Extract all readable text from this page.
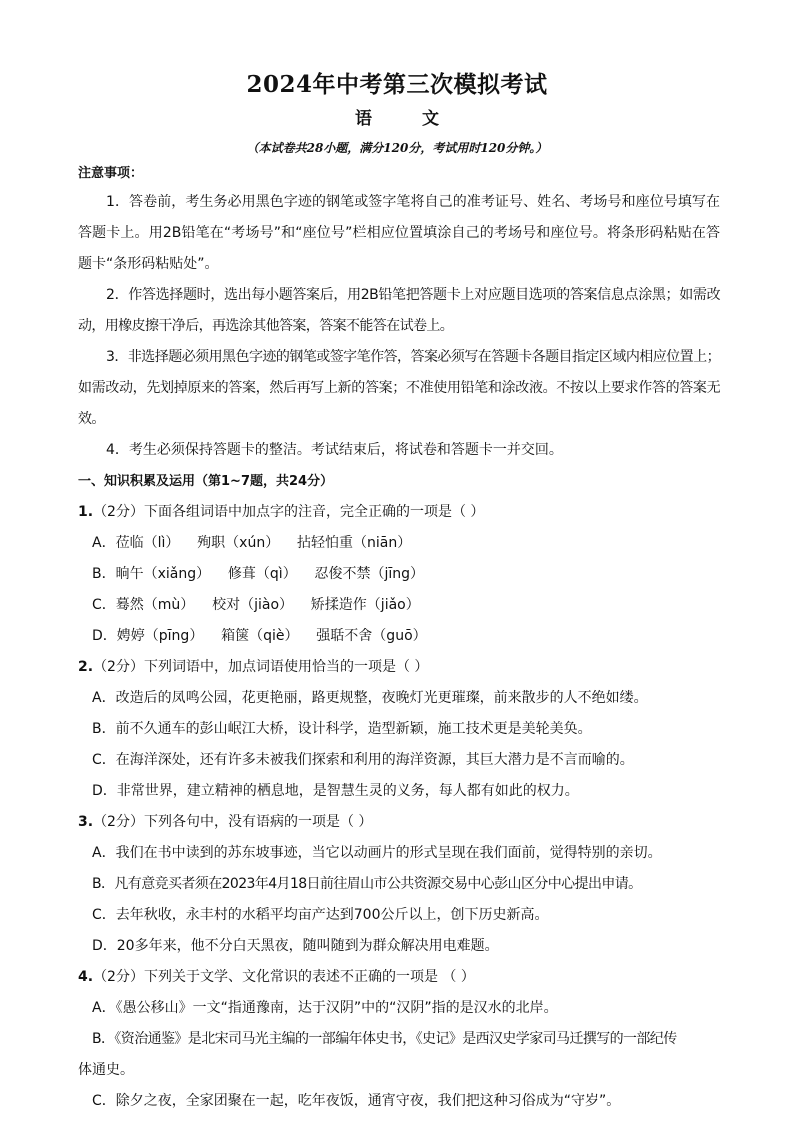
2024年中考第三次模拟考试
语 文
（本试卷共28小题，满分120分，考试用时120分钟。）
注意事项：

1．答卷前，考生务必用黑色字迹的钢笔或签字笔将自己的准考证号、姓名、考场号和座位号填写在答题卡上。用2B铅笔在“考场号”和“座位号”栏相应位置填涂自己的考场号和座位号。将条形码粘贴在答题卡“条形码粘贴处”。

2．作答选择题时，选出每小题答案后，用2B铅笔把答题卡上对应题目选项的答案信息点涂黑；如需改动，用橡皮擦干净后，再选涂其他答案，答案不能答在试卷上。

3．非选择题必须用黑色字迹的钢笔或签字笔作答，答案必须写在答题卡各题目指定区域内相应位置上；如需改动，先划掉原来的答案，然后再写上新的答案；不准使用铅笔和涂改液。不按以上要求作答的答案无效。

4．考生必须保持答题卡的整洁。考试结束后，将试卷和答题卡一并交回。

一、知识积累及运用（第1~7题，共24分）

1.（2分）下面各组词语中加点字的注音，完全正确的一项是（ ）

A．莅临（lì）    殉职（xún）    拈轻怕重（niān）

B．晌午（xiǎng）    修葺（qì）    忍俊不禁（jīng）

C．蓦然（mù）    校对（jiào）    矫揉造作（jiǎo）

D．娉婷（pīng）    箱箧（qiè）    强聒不舍（guō）

2.（2分）下列词语中，加点词语使用恰当的一项是（ ）

A．改造后的凤鸣公园，花更艳丽，路更规整，夜晚灯光更璀璨，前来散步的人不绝如缕。

B．前不久通车的彭山岷江大桥，设计科学，造型新颖，施工技术更是美轮美奂。

C．在海洋深处，还有许多未被我们探索和利用的海洋资源，其巨大潜力是不言而喻的。

D．非常世界，建立精神的栖息地，是智慧生灵的义务，每人都有如此的权力。

3.（2分）下列各句中，没有语病的一项是（ ）

A．我们在书中读到的苏东坡事迹，当它以动画片的形式呈现在我们面前，觉得特别的亲切。

B．凡有意竞买者须在2023年4月18日前往眉山市公共资源交易中心彭山区分中心提出申请。

C．去年秋收，永丰村的水稻平均亩产达到700公斤以上，创下历史新高。

D．20多年来，他不分白天黑夜，随叫随到为群众解决用电难题。

4.（2分）下列关于文学、文化常识的表述不正确的一项是 （ ）

A．《愚公移山》一文“指通豫南，达于汉阴”中的“汉阴”指的是汉水的北岸。

B．《资治通鉴》是北宋司马光主编的一部编年体史书，《史记》是西汉史学家司马迁撰写的一部纪传

体通史。

C．除夕之夜，全家团聚在一起，吃年夜饭，通宵守夜，我们把这种习俗成为“守岁”。
